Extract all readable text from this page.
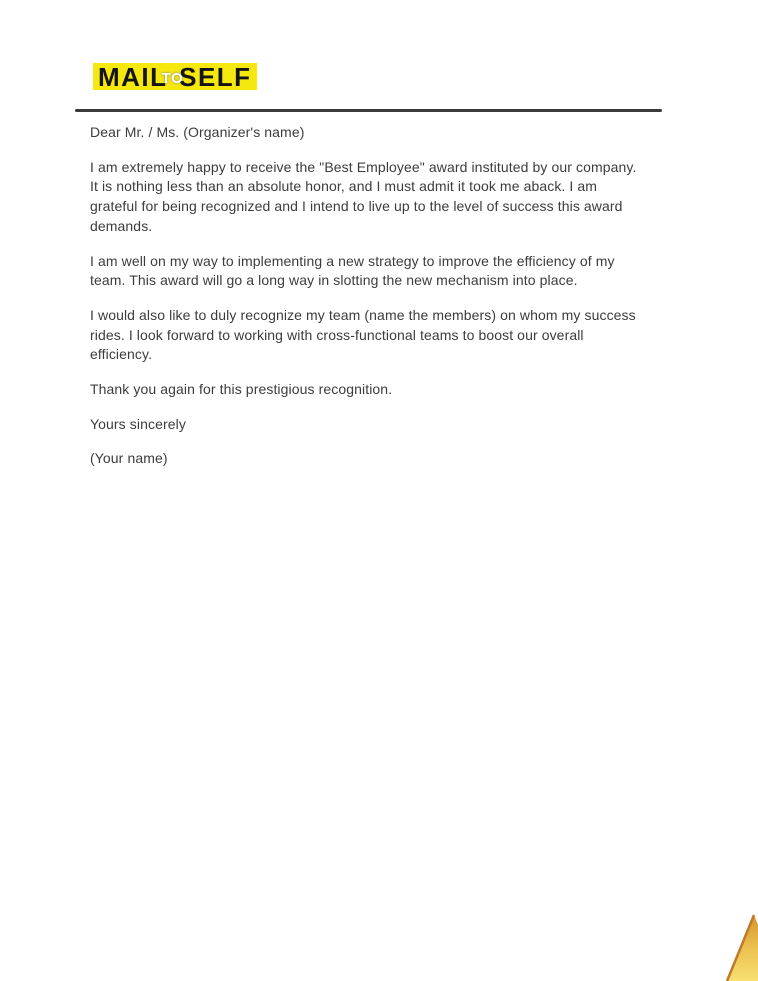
MAIL
TO
SELF

Dear Mr. / Ms. (Organizer's name)

I am extremely happy to receive the "Best Employee" award instituted by our company.
It is nothing less than an absolute honor, and I must admit it took me aback. I am
grateful for being recognized and I intend to live up to the level of success this award
demands.

I am well on my way to implementing a new strategy to improve the efficiency of my
team. This award will go a long way in slotting the new mechanism into place.

I would also like to duly recognize my team (name the members) on whom my success
rides. I look forward to working with cross-functional teams to boost our overall
efficiency.

Thank you again for this prestigious recognition.

Yours sincerely

(Your name)
